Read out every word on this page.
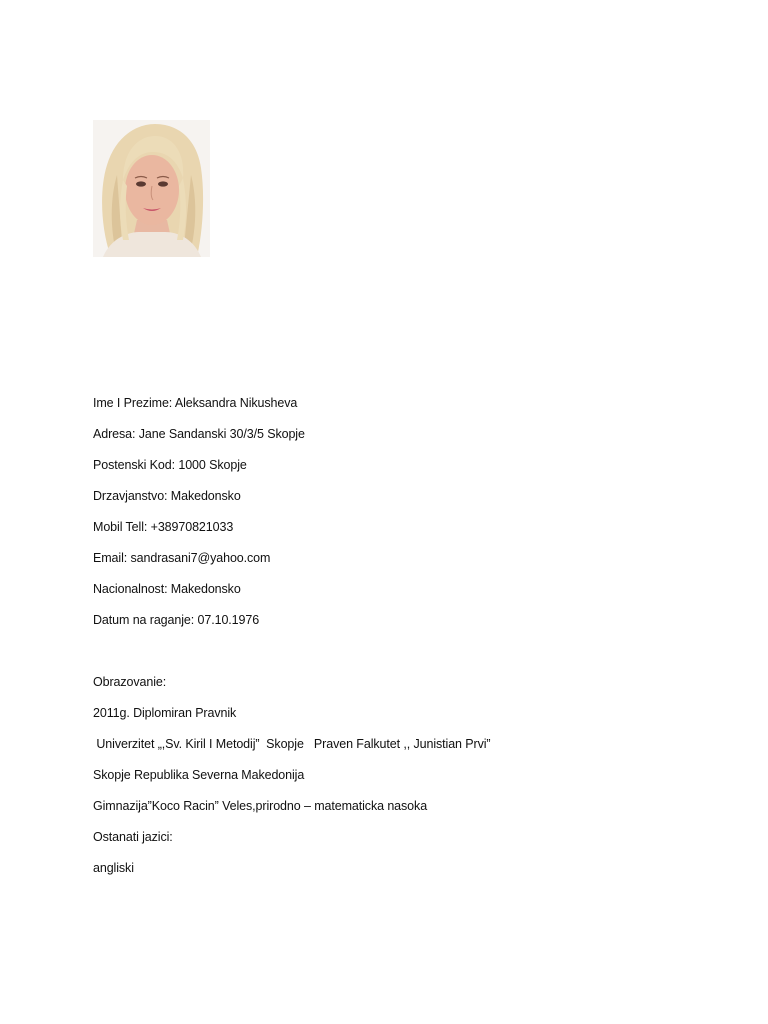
Ime I Prezime: Aleksandra Nikusheva
Adresa: Jane Sandanski 30/3/5 Skopje
Postenski Kod: 1000 Skopje
Drzavjanstvo: Makedonsko
Mobil Tell: +38970821033
Email: sandrasani7@yahoo.com
Nacionalnost: Makedonsko
Datum na raganje: 07.10.1976
Obrazovanie:
2011g. Diplomiran Pravnik
Univerzitet „,Sv. Kiril I Metodij”  Skopje   Praven Falkutet ,, Junistian Prvi”
Skopje Republika Severna Makedonija
Gimnazija”Koco Racin” Veles,prirodno – matematicka nasoka
Ostanati jazici:
angliski
